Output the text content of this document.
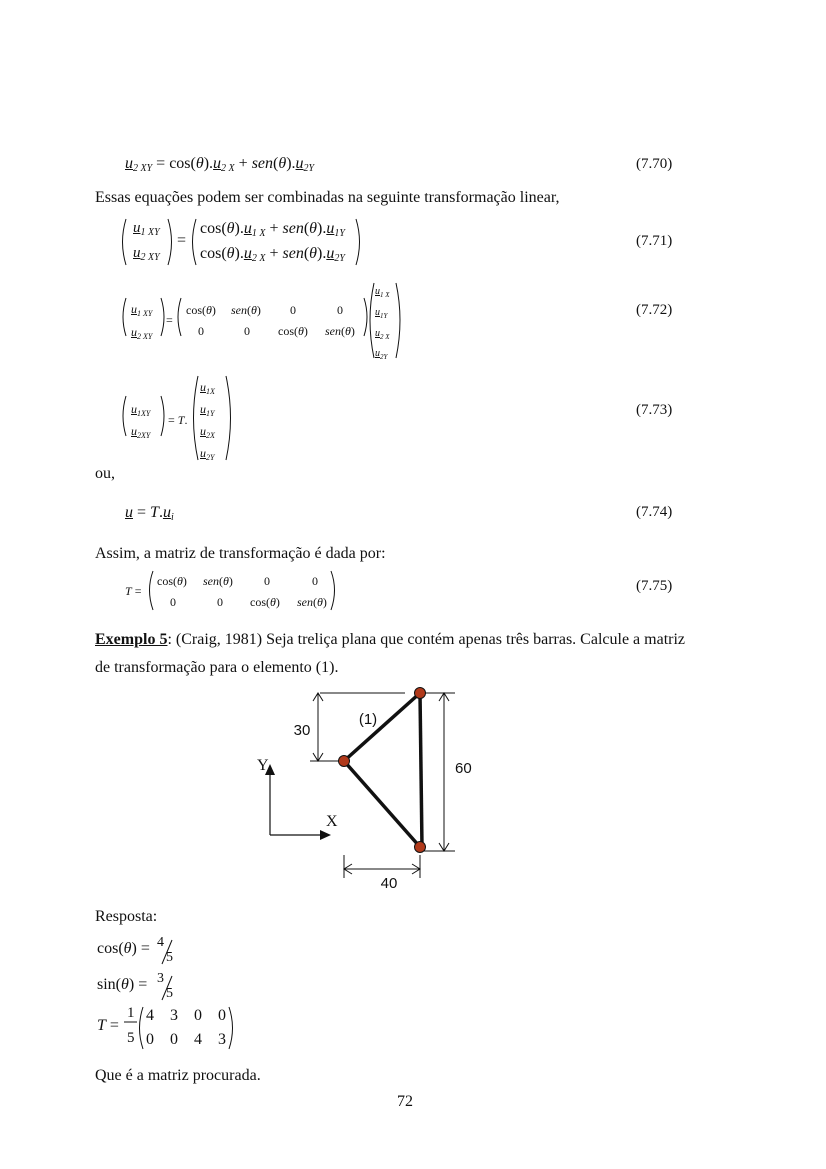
$u_{2 XY} = \cos(\theta).u_{2 X} + sen(\theta).u_{2Y}$	(7.70)
Essas equações podem ser combinadas na seguinte transformação linear,
$u_{1 XY}$
$u_{2 XY}$
=
$\cos(\theta).u_{1 X} + sen(\theta).u_{1Y}$
$\cos(\theta).u_{2 X} + sen(\theta).u_{2Y}$
(7.71)
$u_{1 XY}$
$u_{2 XY}$
=
cos(θ) sen(θ) 0	0
0	0 cos(θ) sen(θ)
$u_{1 X}$
$u_{1Y}$
$u_{2 X}$
$u_{2Y}$
(7.72)
$u_{1XY}$
$u_{2XY}$
= T.
$u_{1X}$
$u_{1Y}$
$u_{2X}$
$u_{2Y}$
(7.73)
ou,
$u = T.u_i$	(7.74)
Assim, a matriz de transformação é dada por:
T =
cos(θ) sen(θ)	0	0
0	0 cos(θ) sen(θ)
(7.75)
Exemplo 5: (Craig, 1981) Seja treliça plana que contém apenas três barras. Calcule a matriz
de transformação para o elemento (1).
30
60
40
(1)
Y
X
Resposta:
cos(θ) = 4
5
sin(θ) = 3
5
T =
1
5
4 3 0 0
0 0 4 3
Que é a matriz procurada.
72
